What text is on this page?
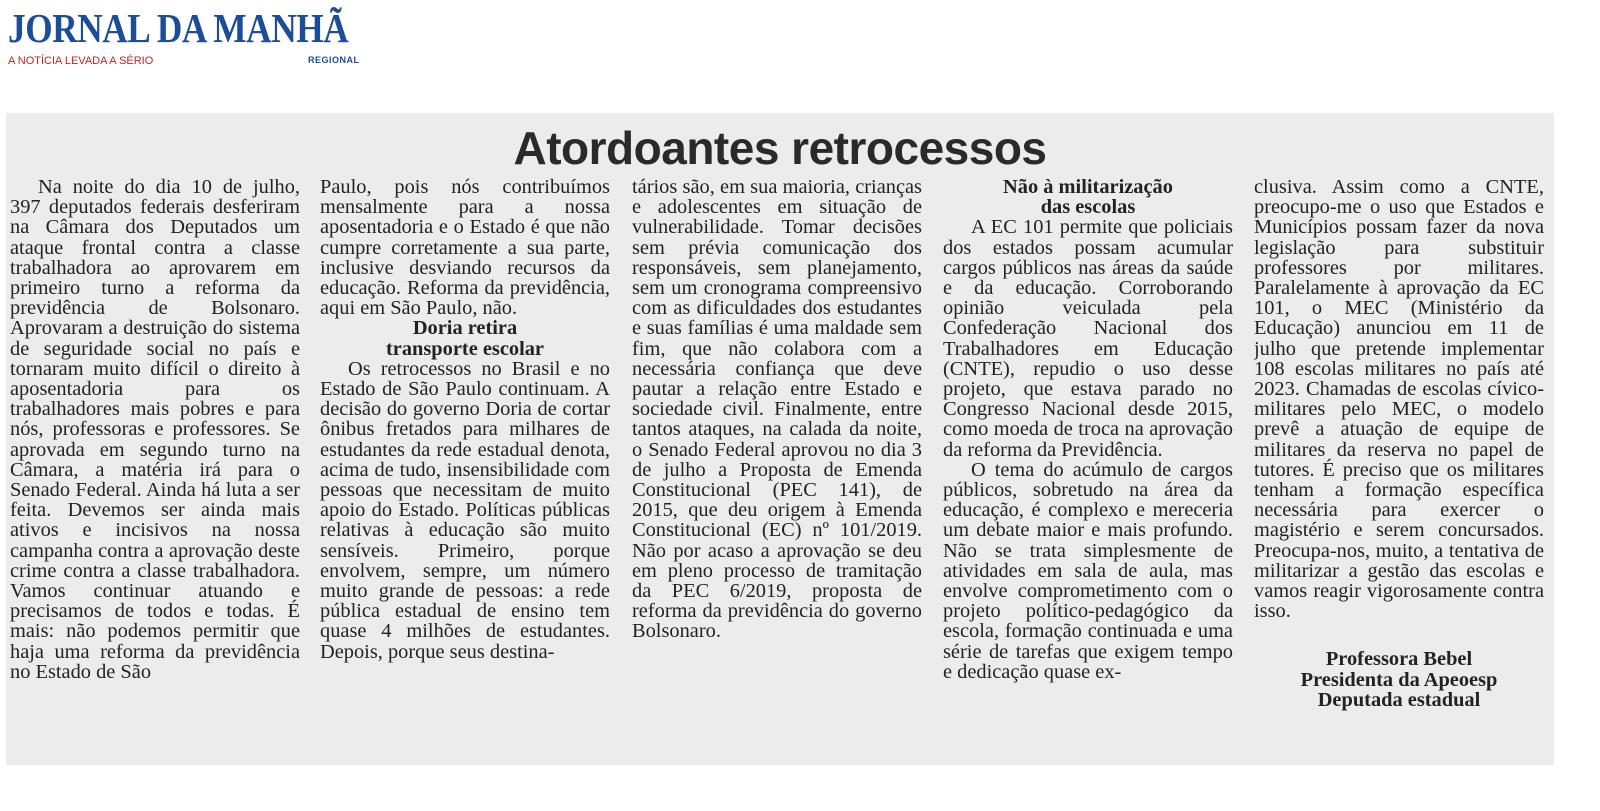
JORNAL DA MANHÃ
A NOTÍCIA LEVADA A SÉRIO	REGIONAL
Atordoantes retrocessos

Na noite do dia 10 de julho, 397 deputados federais desferiram na Câmara dos Deputados um ataque frontal contra a classe trabalhadora ao aprovarem em primeiro turno a reforma da previdência de Bolsonaro. Aprovaram a destruição do sistema de seguridade social no país e tornaram muito difícil o direito à aposentadoria para os trabalhadores mais pobres e para nós, professoras e professores. Se aprovada em segundo turno na Câmara, a matéria irá para o Senado Federal. Ainda há luta a ser feita. Devemos ser ainda mais ativos e incisivos na nossa campanha contra a aprovação deste crime contra a classe trabalhadora. Vamos continuar atuando e precisamos de todos e todas. É mais: não podemos permitir que haja uma reforma da previdência no Estado de São

Paulo, pois nós contribuímos mensalmente para a nossa aposentadoria e o Estado é que não cumpre corretamente a sua parte, inclusive desviando recursos da educação. Reforma da previdência, aqui em São Paulo, não.

Doria retira
transporte escolar

Os retrocessos no Brasil e no Estado de São Paulo continuam. A decisão do governo Doria de cortar ônibus fretados para milhares de estudantes da rede estadual denota, acima de tudo, insensibilidade com pessoas que necessitam de muito apoio do Estado. Políticas públicas relativas à educação são muito sensíveis. Primeiro, porque envolvem, sempre, um número muito grande de pessoas: a rede pública estadual de ensino tem quase 4 milhões de estudantes. Depois, porque seus destina-

tários são, em sua maioria, crianças e adolescentes em situação de vulnerabilidade. Tomar decisões sem prévia comunicação dos responsáveis, sem planejamento, sem um cronograma compreensivo com as dificuldades dos estudantes e suas famílias é uma maldade sem fim, que não colabora com a necessária confiança que deve pautar a relação entre Estado e sociedade civil. Finalmente, entre tantos ataques, na calada da noite, o Senado Federal aprovou no dia 3 de julho a Proposta de Emenda Constitucional (PEC 141), de 2015, que deu origem à Emenda Constitucional (EC) nº 101/2019. Não por acaso a aprovação se deu em pleno processo de tramitação da PEC 6/2019, proposta de reforma da previdência do governo Bolsonaro.

Não à militarização
das escolas

A EC 101 permite que policiais dos estados possam acumular cargos públicos nas áreas da saúde e da educação. Corroborando opinião veiculada pela Confederação Nacional dos Trabalhadores em Educação (CNTE), repudio o uso desse projeto, que estava parado no Congresso Nacional desde 2015, como moeda de troca na aprovação da reforma da Previdência.

O tema do acúmulo de cargos públicos, sobretudo na área da educação, é complexo e mereceria um debate maior e mais profundo. Não se trata simplesmente de atividades em sala de aula, mas envolve comprometimento com o projeto político-pedagógico da escola, formação continuada e uma série de tarefas que exigem tempo e dedicação quase ex-

clusiva. Assim como a CNTE, preocupo-me o uso que Estados e Municípios possam fazer da nova legislação para substituir professores por militares. Paralelamente à aprovação da EC 101, o MEC (Ministério da Educação) anunciou em 11 de julho que pretende implementar 108 escolas militares no país até 2023. Chamadas de escolas cívico-militares pelo MEC, o modelo prevê a atuação de equipe de militares da reserva no papel de tutores. É preciso que os militares tenham a formação específica necessária para exercer o magistério e serem concursados. Preocupa-nos, muito, a tentativa de militarizar a gestão das escolas e vamos reagir vigorosamente contra isso.

Professora Bebel
Presidenta da Apeoesp
Deputada estadual
